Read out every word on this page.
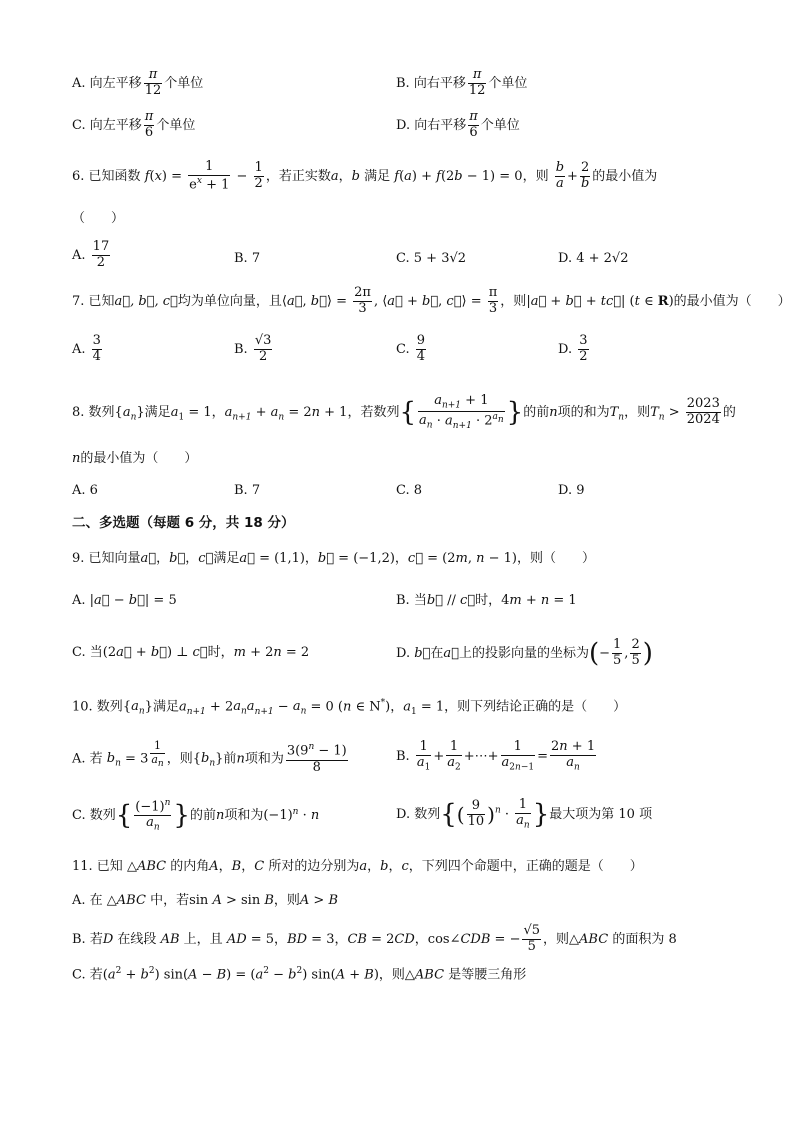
A. 向左平移 $\frac{\pi}{12}$ 个单位	B. 向右平移 $\frac{\pi}{12}$ 个单位
C. 向左平移 $\frac{\pi}{6}$ 个单位	D. 向右平移 $\frac{\pi}{6}$ 个单位
6. 已知函数 $f(x) = \frac{1}{e^x + 1} - \frac{1}{2}$ ，若正实数a，b 满足 f(a) + f(2b − 1) = 0，则 $\frac{b}{a} + \frac{2}{b}$ 的最小值为
（　　）
A. $\frac{17}{2}$	B. 7	C. 5 + 3√2	D. 4 + 2√2
7. 已知a⃗, b⃗, c⃗均为单位向量，且⟨a⃗, b⃗⟩ = $\frac{2\pi}{3}$ , ⟨a⃗ + b⃗, c⃗⟩ = $\frac{\pi}{3}$ ，则|a⃗ + b⃗ + tc⃗| (t ∈ R)的最小值为（　　）
A. $\frac{3}{4}$	B. $\frac{√3}{2}$	C. $\frac{9}{4}$	D. $\frac{3}{2}$
8. 数列$\{a_n\}$满足$a_1 = 1$，$a_{n+1} + a_n = 2n + 1$，若数列{ $\frac{a_{n+1} + 1}{a_n \cdot a_{n+1} \cdot 2^{a_n}}$ }的前n项的和为$T_n$，则$T_n > \frac{2023}{2024}$ 的
n的最小值为（　　）
A. 6	B. 7	C. 8	D. 9
二、多选题（每题 6 分，共 18 分）
9. 已知向量a⃗，b⃗，c⃗满足a⃗ = (1,1)，b⃗ = (−1,2)，c⃗ = (2m, n − 1)，则（　　）
A. |a⃗ − b⃗| = 5	B. 当b⃗ // c⃗时，4m + n = 1
C. 当(2a⃗ + b⃗) ⊥ c⃗时，m + 2n = 2	D. b⃗在a⃗上的投影向量的坐标为(− $\frac{1}{5}$ , $\frac{2}{5}$ )
10. 数列$\{a_n\}$满足$a_{n+1} + 2a_na_{n+1} - a_n = 0$ (n ∈ N*)，$a_1 = 1$，则下列结论正确的是（　　）
A. 若 $b_n = 3$ $^{\frac{1}{a_n}}$ ，则$\{b_n\}$前n项和为 $\frac{3(9^n - 1)}{8}$	B. $\frac{1}{a_1} + \frac{1}{a_2}$ +⋯+ $\frac{1}{a_{2n-1}} = \frac{2n + 1}{a_n}$
C. 数列{ $\frac{(-1)^n}{a_n}$ }的前n项和为$(-1)^n \cdot n$	D. 数列{( $\frac{9}{10} )^n \cdot \frac{1}{a_n}$ }最大项为第 10 项
11. 已知 △ABC 的内角A，B，C 所对的边分别为a，b，c，下列四个命题中，正确的题是（　　）
A. 在 △ABC 中，若sin A > sin B，则A > B
B. 若D 在线段 AB 上，且 AD = 5，BD = 3，CB = 2CD，cos∠CDB = − $\frac{√5}{5}$ ，则△ABC 的面积为 8
C. 若$(a^2 + b^2) \sin(A - B) = (a^2 - b^2) \sin(A + B)$，则△ABC 是等腰三角形
